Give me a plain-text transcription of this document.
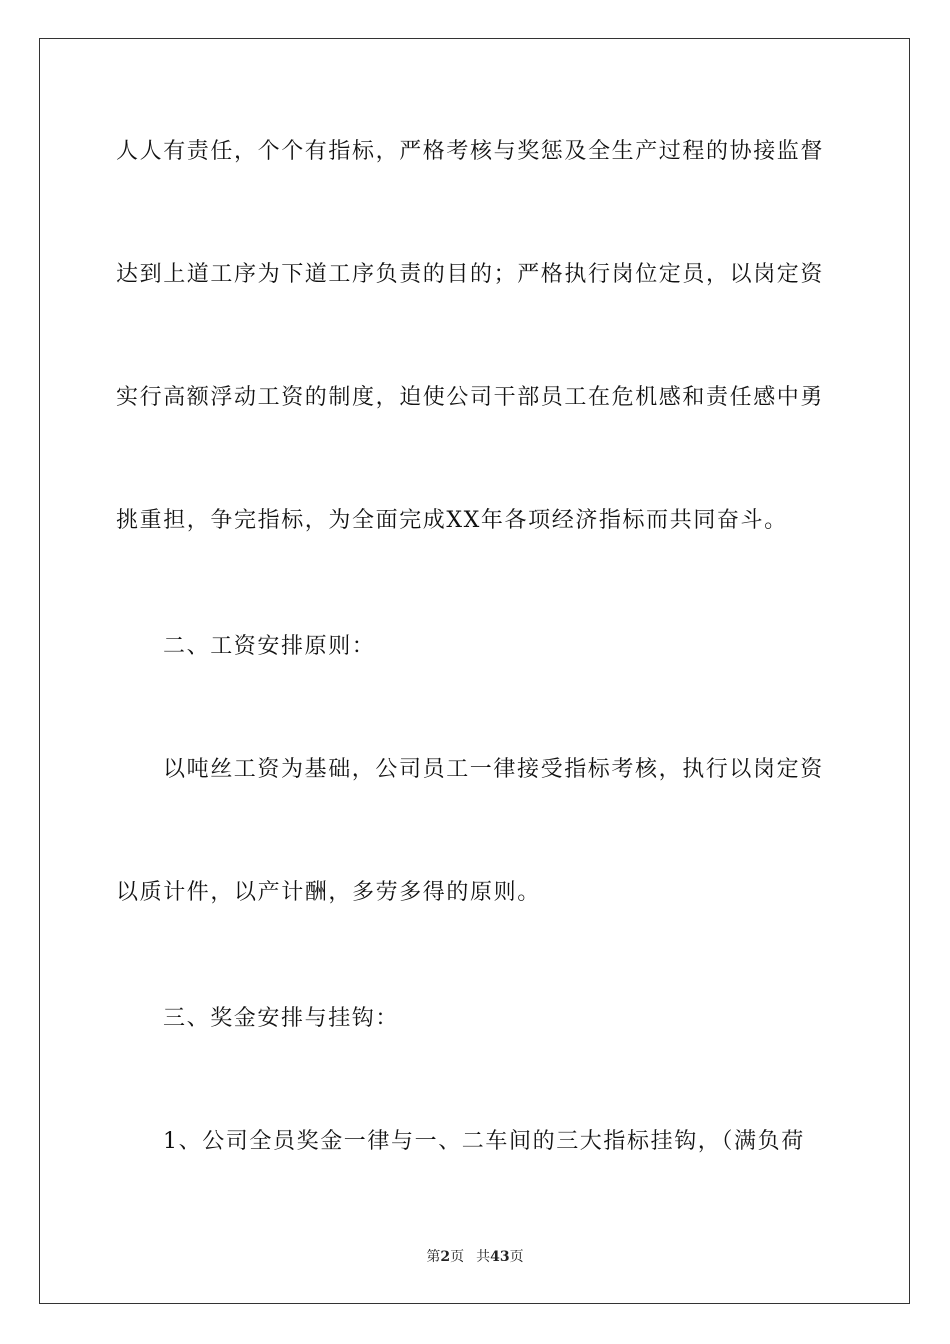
人人有责任，个个有指标，严格考核与奖惩及全生产过程的协接监督
达到上道工序为下道工序负责的目的；严格执行岗位定员，以岗定资
实行高额浮动工资的制度，迫使公司干部员工在危机感和责任感中勇
挑重担，争完指标，为全面完成XX年各项经济指标而共同奋斗。
二、工资安排原则：
以吨丝工资为基础，公司员工一律接受指标考核，执行以岗定资
以质计件，以产计酬，多劳多得的原则。
三、奖金安排与挂钩：
1、公司全员奖金一律与一、二车间的三大指标挂钩，（满负荷
第2页 共43页
